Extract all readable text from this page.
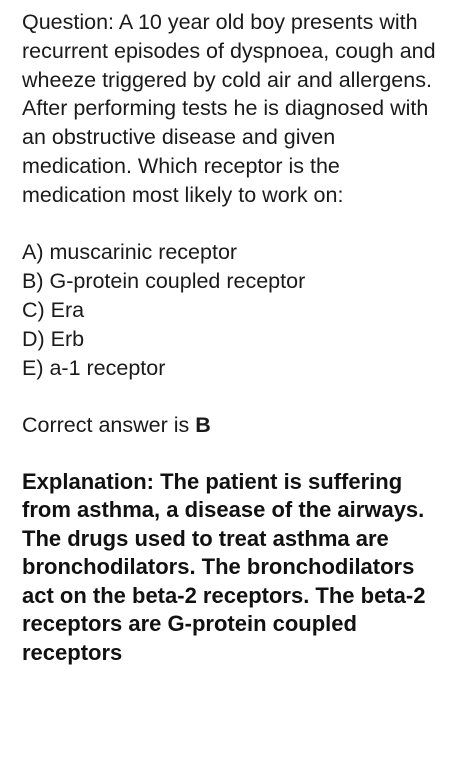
Question: A 10 year old boy presents with recurrent episodes of dyspnoea, cough and wheeze triggered by cold air and allergens. After performing tests he is diagnosed with an obstructive disease and given medication. Which receptor is the medication most likely to work on:

A) muscarinic receptor
B) G-protein coupled receptor
C) Era
D) Erb
E) a-1 receptor
Correct answer is B
Explanation: The patient is suffering from asthma, a disease of the airways. The drugs used to treat asthma are bronchodilators. The bronchodilators act on the beta-2 receptors. The beta-2 receptors are G-protein coupled receptors
